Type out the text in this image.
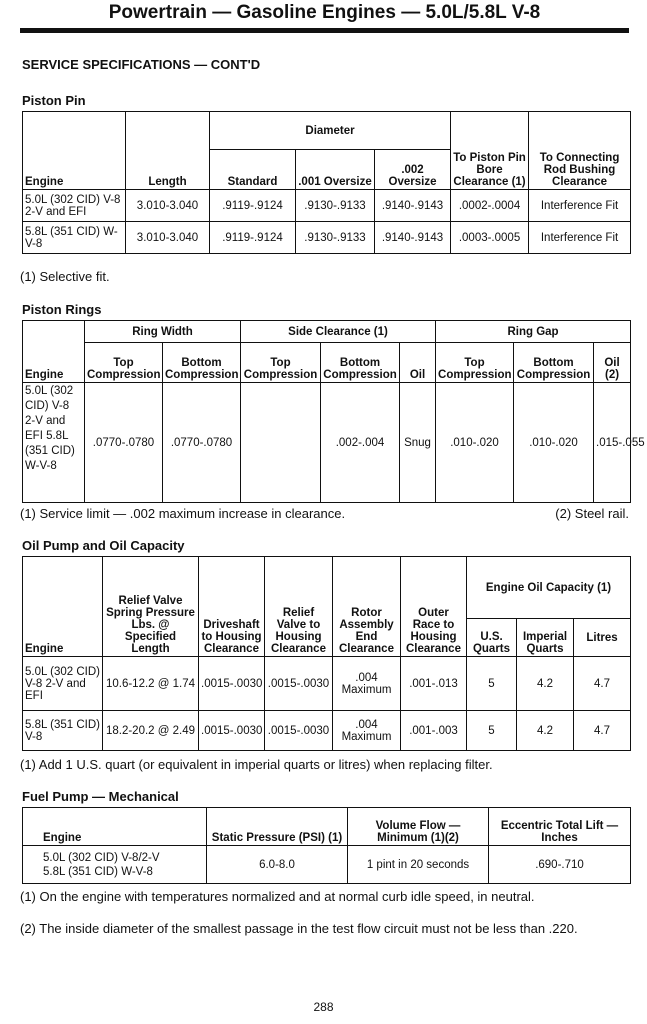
Powertrain — Gasoline Engines — 5.0L/5.8L V-8
SERVICE SPECIFICATIONS — CONT'D
Piston Pin
Engine	Length	Diameter			To Piston Pin Bore Clearance (1)	To Connecting Rod Bushing Clearance
		Standard	.001 Oversize	.002 Oversize		
5.0L (302 CID) V-8 2-V and EFI	3.010-3.040	.9119-.9124	.9130-.9133	.9140-.9143	.0002-.0004	Interference Fit
5.8L (351 CID) W-V-8	3.010-3.040	.9119-.9124	.9130-.9133	.9140-.9143	.0003-.0005	Interference Fit
(1) Selective fit.
Piston Rings
Engine	Ring Width		Side Clearance (1)			Ring Gap		
	Top Compression	Bottom Compression	Top Compression	Bottom Compression	Oil	Top Compression	Bottom Compression	Oil (2)
5.0L (302 CID) V-8 2-V and EFI 5.8L (351 CID) W-V-8	.0770-.0780	.0770-.0780		.002-.004	Snug	.010-.020	.010-.020	.015-.055
(1) Service limit — .002 maximum increase in clearance.	(2) Steel rail.
Oil Pump and Oil Capacity
Engine	Relief Valve Spring Pressure Lbs. @ Specified Length	Driveshaft to Housing Clearance	Relief Valve to Housing Clearance	Rotor Assembly End Clearance	Outer Race to Housing Clearance	Engine Oil Capacity (1)		
						U.S. Quarts	Imperial Quarts	Litres
5.0L (302 CID) V-8 2-V and EFI	10.6-12.2 @ 1.74	.0015-.0030	.0015-.0030	.004 Maximum	.001-.013	5	4.2	4.7
5.8L (351 CID) V-8	18.2-20.2 @ 2.49	.0015-.0030	.0015-.0030	.004 Maximum	.001-.003	5	4.2	4.7
(1) Add 1 U.S. quart (or equivalent in imperial quarts or litres) when replacing filter.
Fuel Pump — Mechanical
Engine	Static Pressure (PSI) (1)	Volume Flow — Minimum (1)(2)	Eccentric Total Lift — Inches

5.0L (302 CID) V-8/2-V
5.8L (351 CID) W-V-8	6.0-8.0	1 pint in 20 seconds	.690-.710
(1) On the engine with temperatures normalized and at normal curb idle speed, in neutral.
(2) The inside diameter of the smallest passage in the test flow circuit must not be less than .220.
288
